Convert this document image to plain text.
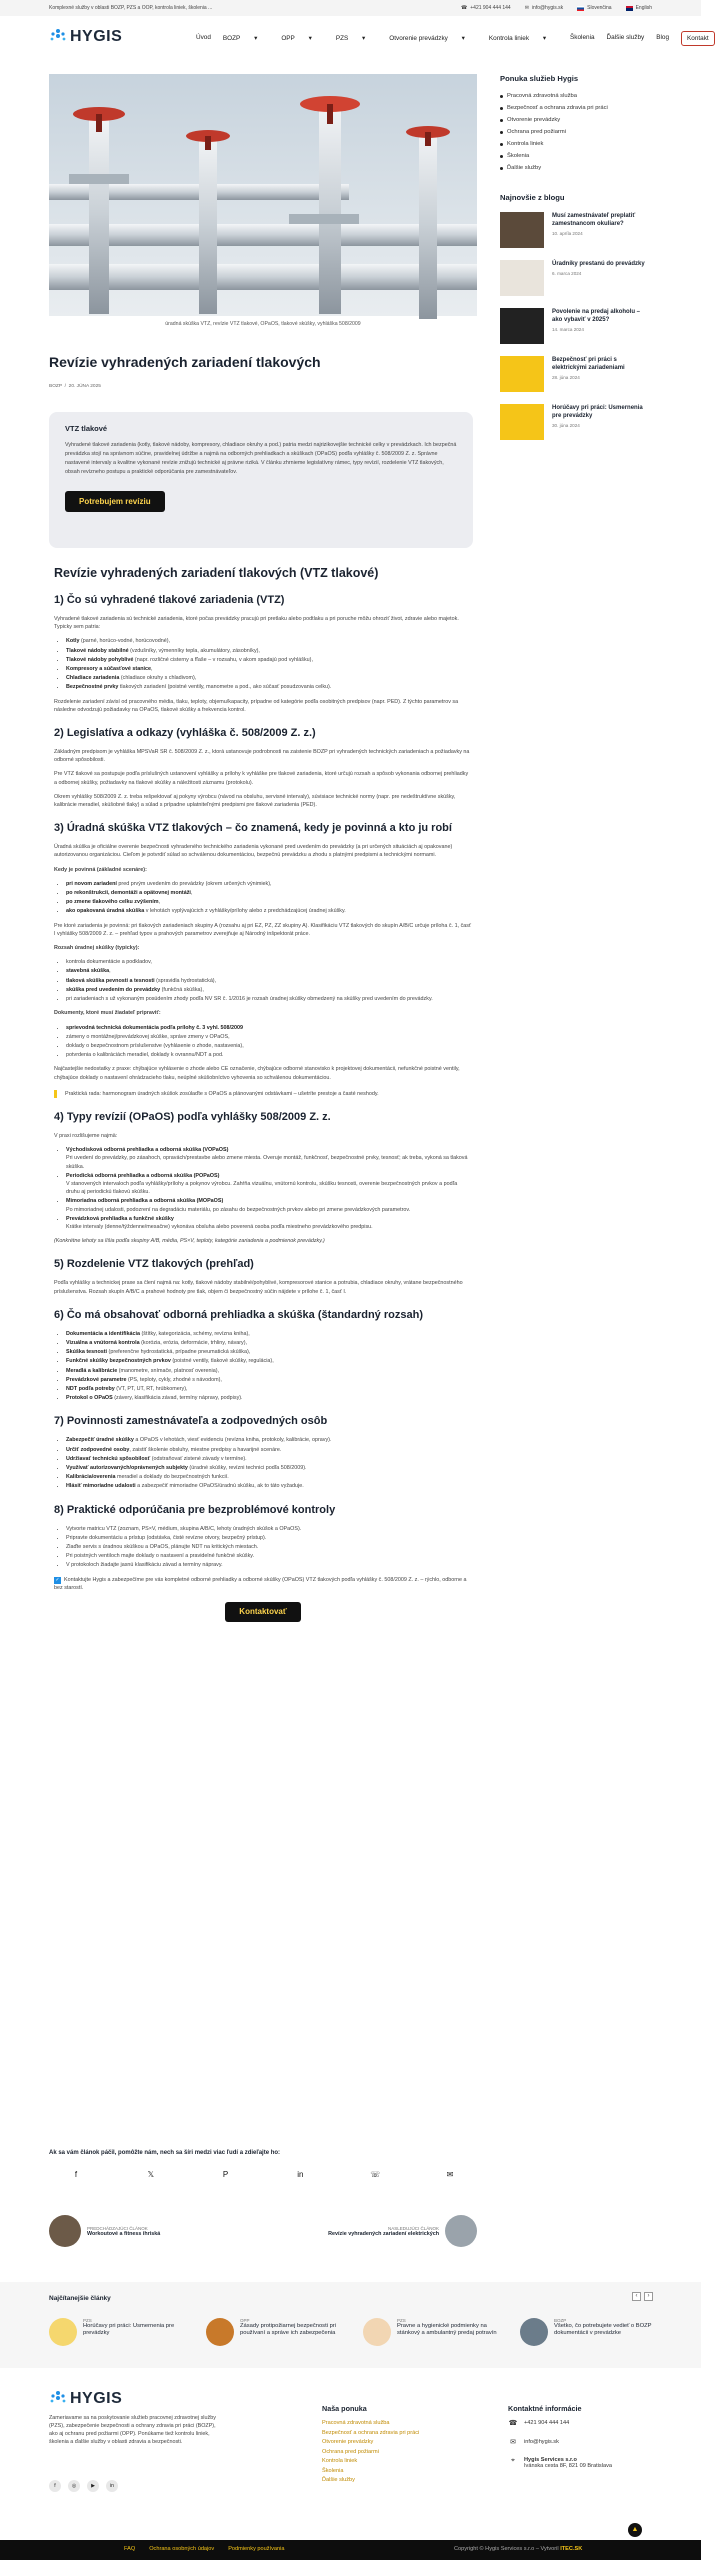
Komplexné služby v oblasti BOZP, PZS a OOP, kontrola liniek, školenia ...	☎ +421 904 444 144	✉ info@hygis.sk	Slovenčina	English
HYGIS	Úvod BOZP ▾	OPP ▾	PZS ▾	Otvorenie prevádzky ▾	Kontrola liniek ▾	Školenia Ďalšie služby Blog	Kontakt
úradná skúška VTZ, revízie VTZ tlakové, OPaOS, tlakové skúšky, vyhláška 508/2009
Revízie vyhradených zariadení tlakových
BOZP  /  20. JÚNA 2025
VTZ tlakové

Vyhradené tlakové zariadenia (kotly, tlakové nádoby, kompresory, chladiace okruhy a pod.) patria medzi najrizikovejšie technické celky v prevádzkach. Ich bezpečná prevádzka stojí na správnom súčine, pravidelnej údržbe a najmä na odborných prehliadkach a skúškach (OPaOS) podľa vyhlášky č. 508/2009 Z. z. Správne nastavené intervaly a kvalitne vykonané revízie znižujú technické aj právne riziká. V článku zhrnieme legislatívny rámec, typy revízií, rozdelenie VTZ tlakových, obsah revízneho postupu a praktické odporúčania pre zamestnávateľov.

Potrebujem revíziu
Revízie vyhradených zariadení tlakových (VTZ tlakové)
1) Čo sú vyhradené tlakové zariadenia (VTZ)

Vyhradené tlakové zariadenia sú technické zariadenia, ktoré počas prevádzky pracujú pri pretlaku alebo podtlaku a pri poruche môžu ohroziť život, zdravie alebo majetok. Typicky sem patria:

• Kotly (parné, horúco-vodné, horúcovodné),
• Tlakové nádoby stabilné (vzdušníky, výmenníky tepla, akumulátory, zásobníky),
• Tlakové nádoby pohyblivé (napr. rozličné cisterny a fľaše – v rozsahu, v akom spadajú pod vyhlášku),
• Kompresory a súčasťové stanice,
• Chladiace zariadenia (chladiace okruhy s chladivom),
• Bezpečnostné prvky tlakových zariadení (poistné ventily, manometre a pod., ako súčasť posudzovania celku).

Rozdelenie zariadení závisí od pracovného média, tlaku, teploty, objemu/kapacity, prípadne od kategórie podľa osobitných predpisov (napr. PED). Z týchto parametrov sa následne odvodzujú požiadavky na OPaOS, tlakové skúšky a frekvencia kontrol.

2) Legislatíva a odkazy (vyhláška č. 508/2009 Z. z.)

Základným predpisom je vyhláška MPSVaR SR č. 508/2009 Z. z., ktorá ustanovuje podrobnosti na zaistenie BOZP pri vyhradených technických zariadeniach a požiadavky na odborné spôsobilosti.

Pre VTZ tlakové sa postupuje podľa príslušných ustanovení vyhlášky a prílohy k vyhláške pre tlakové zariadenia, ktoré určujú rozsah a spôsob vykonania odbornej prehliadky a odbornej skúšky, požiadavky na tlakové skúšky a náležitosti záznamu (protokolu).

Okrem vyhlášky 508/2009 Z. z. treba rešpektovať aj pokyny výrobcu (návod na obsluhu, servisné intervaly), súvisiace technické normy (napr. pre nedeštruktívne skúšky, kalibrácie meradiel, skúšobné tlaky) a súlad s prípadne uplatniteľnými predpismi pre tlakové zariadenia (PED).

3) Úradná skúška VTZ tlakových – čo znamená, kedy je povinná a kto ju robí

Úradná skúška je oficiálne overenie bezpečnosti vyhradeného technického zariadenia vykonané pred uvedením do prevádzky (a pri určených situáciách aj opakovane) autorizovanou organizáciou. Cieľom je potvrdiť súlad so schválenou dokumentáciou, bezpečnú prevádzku a zhodu s platnými predpismi a technickými normami.

Kedy je povinná (základné scenáre):

• pri novom zariadení pred prvým uvedením do prevádzky (okrem určených výnimiek),
• po rekonštrukcii, demontáži a opätovnej montáži,
• po zmene tlakového celku zvýšením,
• ako opakovaná úradná skúška v lehotách vyplývajúcich z vyhlášky/prílohy alebo z predchádzajúcej úradnej skúšky.

Pre ktoré zariadenia je povinná: pri tlakových zariadeniach skupiny A (rozsahu aj pri EZ, PZ, ZZ skupiny A). Klasifikáciu VTZ tlakových do skupín A/B/C určuje príloha č. 1, časť I vyhlášky 508/2009 Z. z. – prehľad typov a prahových parametrov zverejňuje aj Národný inšpektorát práce.

Rozsah úradnej skúšky (typicky):

• kontrola dokumentácie a podkladov,
• stavebná skúška,
• tlaková skúška pevnosti a tesnosti (spravidla hydrostatická),
• skúška pred uvedením do prevádzky (funkčná skúška),
• pri zariadeniach s už vykonaným posúdením zhody podľa NV SR č. 1/2016 je rozsah úradnej skúšky obmedzený na skúšky pred uvedením do prevádzky.

Dokumenty, ktoré musí žiadateľ pripraviť:

• sprievodná technická dokumentácia podľa prílohy č. 3 vyhl. 508/2009
• zámeny o montážnej/prevádzkovej skúške, správe zmeny v OPaOS,
• doklady o bezpečnostnom príslušenstve (vyhlásenie o zhode, nastavenia),
• potvrdenia o kalibráciách meradiel, doklady k ovrannu/NDT a pod.

Najčastejšie nedostatky z praxe: chýbajúce vyhlásenie o zhode alebo CE označenie, chýbajúce odborné stanovisko k projektovej dokumentácii, nefunkčné poistné ventily, chýbajúce doklady o nastavení ohrádzacieho tlaku, neúplné skúšobníctvo vyhovenia so schválenou dokumentáciou.

Praktická rada: harmonogram úradných skúšok zosúlaďte s OPaOS a plánovanými odstávkami – ušetríte prestoje a časté neshody.

4) Typy revízií (OPaOS) podľa vyhlášky 508/2009 Z. z.

V praxi rozlišujeme najmä:

• Východisková odborná prehliadka a odborná skúška (VOPaOS)
Pri uvedení do prevádzky, po zásahoch, opravách/prestavbe alebo zmene miesta. Overuje montáž, funkčnosť, bezpečnostné prvky, tesnosť; ak treba, vykoná sa tlaková skúška.
• Periodická odborná prehliadka a odborná skúška (POPaOS)
V stanovených intervaloch podľa vyhlášky/prílohy a pokynov výrobcu. Zahŕňa vizuálnu, vnútornú kontrolu, skúšku tesnosti, overenie bezpečnostných prvkov a podľa druhu aj periodickú tlakovú skúšku.
• Mimoriadna odborná prehliadka a odborná skúška (MOPaOS)
Po mimoriadnej udalosti, podozrení na degradáciu materiálu, po zásahu do bezpečnostných prvkov alebo pri zmene prevádzkových parametrov.
• Prevádzková prehliadka a funkčné skúšky
Krátke intervaly (denne/týždenne/mesačne) vykonáva obsluha alebo poverená osoba podľa miestneho prevádzkového predpisu.

(Konkrétne lehoty sa líšia podľa skupiny A/B, média, PS×V, teploty, kategórie zariadenia a podmienok prevádzky.)

5) Rozdelenie VTZ tlakových (prehľad)

Podľa vyhlášky a technickej praxe sa člení najmä na: kotly, tlakové nádoby stabilné/pohyblivé, kompresorové stanice a potrubia, chladiace okruhy, vrátane bezpečnostného príslušenstva. Rozsah skupín A/B/C a prahové hodnoty pre tlak, objem či bezpečnostný súčin nájdete v prílohe č. 1, časť I.

6) Čo má obsahovať odborná prehliadka a skúška (štandardný rozsah)
• Dokumentácia a identifikácia (štítky, kategorizácia, schémy, revízna kniha),
• Vizuálna a vnútorná kontrola (korózia, erózia, deformácie, trhliny, návary),
• Skúška tesnosti (preferenčne hydrostatická, prípadne pneumatická skúška),
• Funkčné skúšky bezpečnostných prvkov (poistné ventily, tlakové skúšky, regulácia),
• Meradlá a kalibrácie (manometre, snímače, platnosť overenia),
• Prevádzkové parametre (PS, teploty, cykly, zhodné s návodom),
• NDT podľa potreby (VT, PT, UT, RT, hrúbkomery),
• Protokol o OPaOS (závery, klasifikácia závad, termíny nápravy, podpisy).
7) Povinnosti zamestnávateľa a zodpovedných osôb
• Zabezpečiť úradné skúšky a OPaOS v lehotách, viesť evidenciu (revízna kniha, protokoly, kalibrácie, opravy).
• Určiť zodpovedné osoby, zaistiť školenie obsluhy, miestne predpisy a havarijné scenáre.
• Udržiavať technickú spôsobilosť (odstraňovať zistené závady v termíne).
• Využívať autorizovaných/oprávnených subjekty (úradné skúšky, revízni technici podľa 508/2009).
• Kalibrácia/overenia meradiel a doklady do bezpečnostných funkcií.
• Hlásiť mimoriadne udalosti a zabezpečiť mimoriadne OPaOS/úradnú skúšku, ak to táto vyžaduje.
8) Praktické odporúčania pre bezproblémové kontroly
• Vytvorte matricu VTZ (zoznam, PS×V, médium, skupina A/B/C, lehoty úradných skúšok a OPaOS).
• Pripravte dokumentáciu a prístup (odstávka, čisté revízne otvory, bezpečný prístup).
• Zlaďte servis s úradnou skúškou a OPaOS, plánujte NDT na kritických miestach.
• Pri poistných ventiloch majte doklady o nastavení a pravidelné funkčné skúšky.
• V protokoloch žiadajte jasnú klasifikáciu závad a termíny nápravy.

✓ Kontaktujte Hygis a zabezpečíme pre vás kompletné odborné prehliadky a odborné skúšky (OPaOS) VTZ tlakových podľa vyhlášky č. 508/2009 Z. z. – rýchlo, odborne a bez starostí.

Kontaktovať
Ak sa vám článok páčil, pomôžte nám, nech sa šíri medzi viac ľudí a zdieľajte ho:
f	𝕏	P	in	☏	✉
PREDCHÁDZAJÚCI ČLÁNOK
Workoutové a fitness ihriská
NASLEDUJÚCI ČLÁNOK
Revízie vyhradených zariadení elektrických
Ponuka služieb Hygis
Pracovná zdravotná služba
Bezpečnosť a ochrana zdravia pri práci
Otvorenie prevádzky
Ochrana pred požiarmi
Kontrola liniek
Školenia
Ďalšie služby
Najnovšie z blogu
Musí zamestnávateľ preplatiť zamestnancom okuliare?
10. apríla 2024
Úradníky prestanú do prevádzky
6. marca 2024
Povolenie na predaj alkoholu – ako vybaviť v 2025?
14. marca 2024
Bezpečnosť pri práci s elektrickými zariadeniami
28. júna 2024
Horúčavy pri práci: Usmernenia pre prevádzky
30. júna 2024
Najčítanejšie články	‹	›
PZS
Horúčavy pri práci: Usmernenia pre prevádzky
OPP
Zásady protipožiarnej bezpečnosti pri používaní a správe ich zabezpečenia
PZS
Pravne a hygienické podmienky na stánkový a ambulantný predaj potravín
BOZP
Všetko, čo potrebujete vedieť o BOZP dokumentácii v prevádzke
HYGIS
Zameriavame sa na poskytovanie služieb pracovnej zdravotnej služby (PZS), zabezpečenie bezpečnosti a ochrany zdravia pri práci (BOZP), ako aj ochranu pred požiarmi (OPP). Ponúkame tiež kontrolu liniek, školenia a ďalšie služby v oblasti zdravia a bezpečnosti.
f	◎	▶	in
Naša ponuka
Pracovná zdravotná služba
Bezpečnosť a ochrana zdravia pri práci
Otvorenie prevádzky
Ochrana pred požiarmi
Kontrola liniek
Školenia
Ďalšie služby
Kontaktné informácie
☎ +421 904 444 144
✉	info@hygis.sk
⌖	Hygis Services s.r.o
Ivánska cesta 8F, 821 09 Bratislava
▲
FAQ	Ochrana osobných údajov	Podmienky používania	Copyright © Hygis Services s.r.o – Vytvoril ITEC.SK
